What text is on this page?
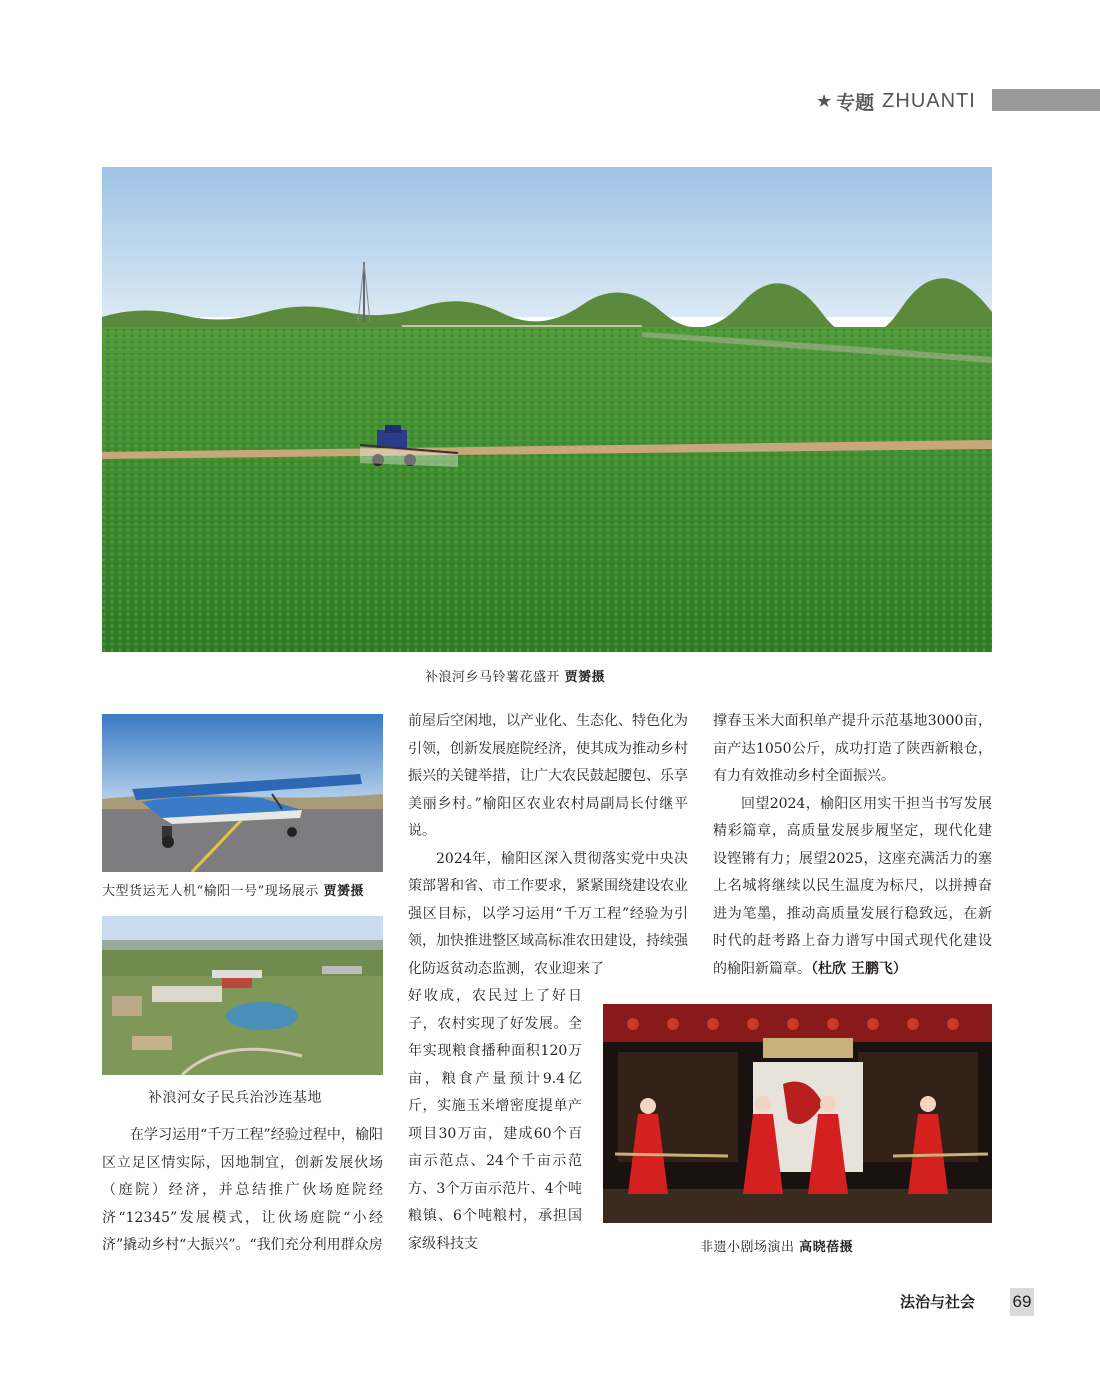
★ 专题 ZHUANTI
补浪河乡马铃薯花盛开 贾赟摄
大型货运无人机“榆阳一号”现场展示 贾赟摄
补浪河女子民兵治沙连基地
非遗小剧场演出 高晓蓓摄

在学习运用“千万工程”经验过程中，榆阳区立足区情实际，因地制宜，创新发展伙场（庭院）经济，并总结推广伙场庭院经济“12345”发展模式，让伙场庭院“小经济”撬动乡村“大振兴”。“我们充分利用群众房

前屋后空闲地，以产业化、生态化、特色化为引领，创新发展庭院经济，使其成为推动乡村振兴的关键举措，让广大农民鼓起腰包、乐享美丽乡村。”榆阳区农业农村局副局长付继平说。

2024年，榆阳区深入贯彻落实党中央决策部署和省、市工作要求，紧紧围绕建设农业强区目标，以学习运用“千万工程”经验为引领，加快推进整区域高标准农田建设，持续强化防返贫动态监测，农业迎来了

好收成，农民过上了好日子，农村实现了好发展。全年实现粮食播种面积120万亩，粮食产量预计9.4亿斤，实施玉米增密度提单产项目30万亩，建成60个百亩示范点、24个千亩示范方、3个万亩示范片、4个吨粮镇、6个吨粮村，承担国家级科技支

撑春玉米大面积单产提升示范基地3000亩，亩产达1050公斤，成功打造了陕西新粮仓，有力有效推动乡村全面振兴。

回望2024，榆阳区用实干担当书写发展精彩篇章，高质量发展步履坚定，现代化建设铿锵有力；展望2025，这座充满活力的塞上名城将继续以民生温度为标尺，以拼搏奋进为笔墨，推动高质量发展行稳致远，在新时代的赶考路上奋力谱写中国式现代化建设的榆阳新篇章。（杜欣 王鹏飞）

法治与社会 69
